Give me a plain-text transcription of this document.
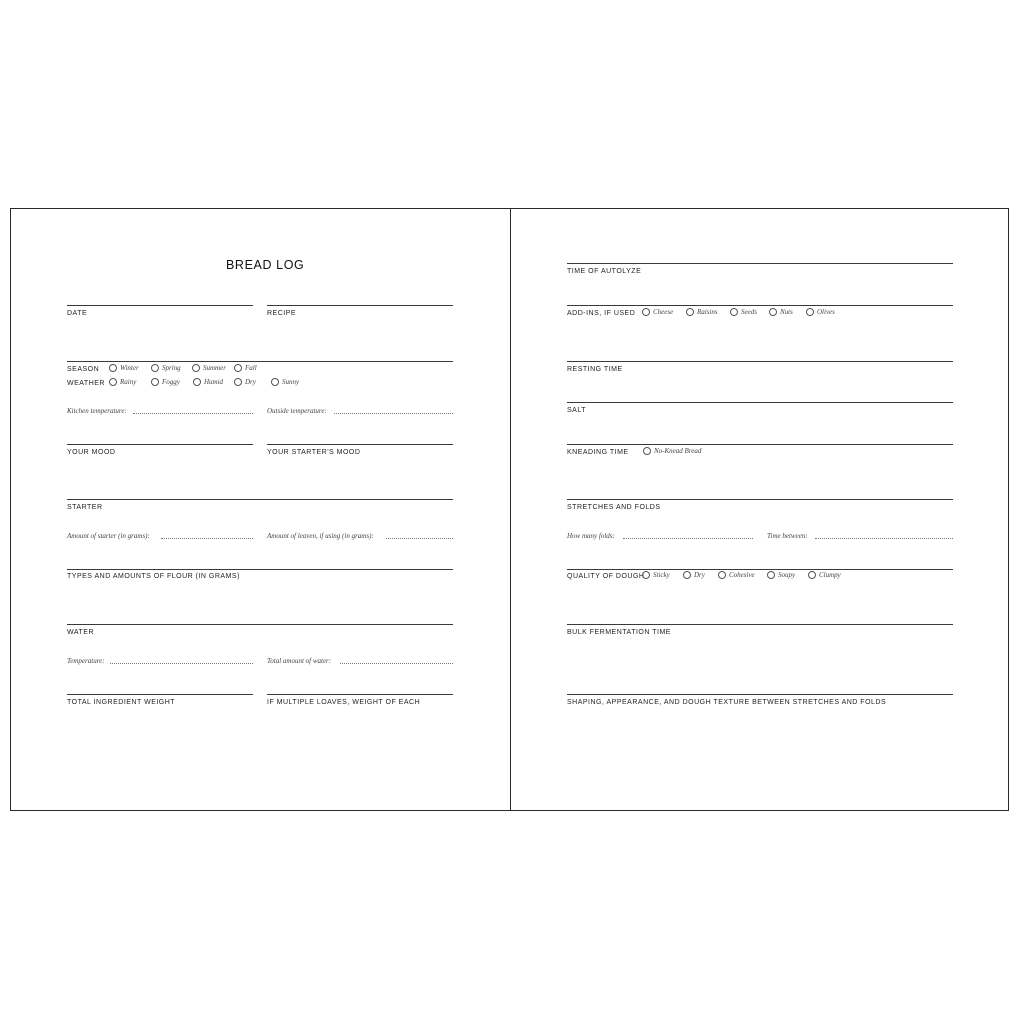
BREAD LOG
DATE	RECIPE
SEASON	Winter	Spring	Summer	Fall
WEATHER Rainy	Foggy	Humid	Dry	Sunny
Kitchen temperature:	Outside temperature:
YOUR MOOD	YOUR STARTER'S MOOD
STARTER
Amount of starter (in grams):	Amount of leaven, if using (in grams):
TYPES AND AMOUNTS OF FLOUR (IN GRAMS)
WATER
Temperature:	Total amount of water:
TOTAL INGREDIENT WEIGHT	IF MULTIPLE LOAVES, WEIGHT OF EACH
TIME OF AUTOLYZE
ADD-INS, IF USED	Cheese	Raisins	Seeds	Nuts	Olives
RESTING TIME
SALT
KNEADING TIME	No-Knead Bread
STRETCHES AND FOLDS
How many folds:	Time between:
QUALITY OF DOUGH Sticky	Dry	Cohesive	Soupy	Clumpy
BULK FERMENTATION TIME
SHAPING, APPEARANCE, AND DOUGH TEXTURE BETWEEN STRETCHES AND FOLDS
